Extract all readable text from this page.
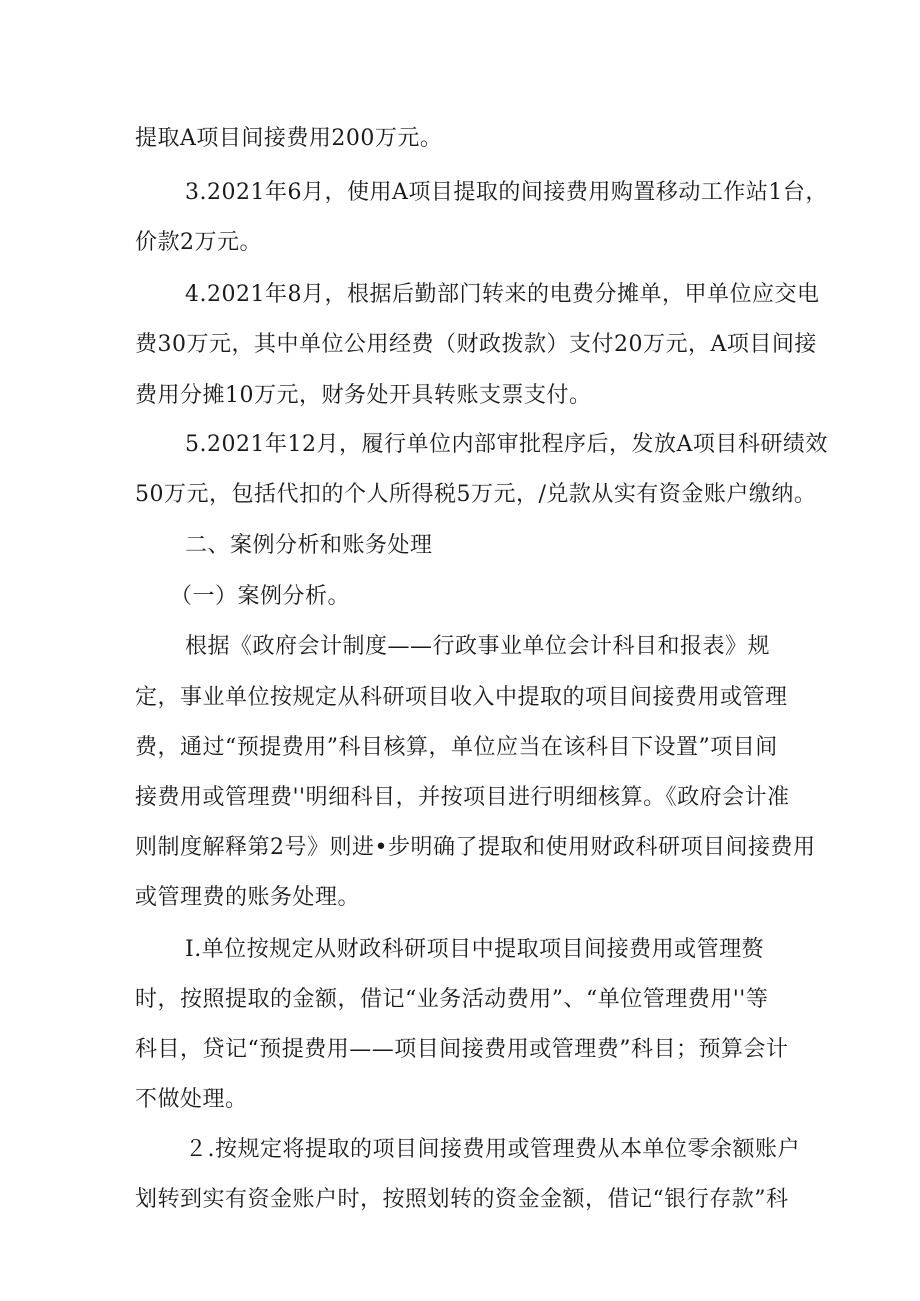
提取A项目间接费用200万元。
3.2021年6月，使用A项目提取的间接费用购置移动工作站1台，
价款2万元。
4.2021年8月，根据后勤部门转来的电费分摊单，甲单位应交电
费30万元，其中单位公用经费（财政拨款）支付20万元，A项目间接
费用分摊10万元，财务处开具转账支票支付。
5.2021年12月，履行单位内部审批程序后，发放A项目科研绩效
50万元，包括代扣的个人所得税5万元，/兑款从实有资金账户缴纳。
二、案例分析和账务处理
（一）案例分析。
根据《政府会计制度——行政事业单位会计科目和报表》规
定，事业单位按规定从科研项目收入中提取的项目间接费用或管理
费，通过“预提费用”科目核算，单位应当在该科目下设置”项目间
接费用或管理费''明细科目，并按项目进行明细核算。《政府会计准
则制度解释第2号》则进•步明确了提取和使用财政科研项目间接费用
或管理费的账务处理。
I.单位按规定从财政科研项目中提取项目间接费用或管理赘
时，按照提取的金额，借记“业务活动费用”、“单位管理费用''等
科目，贷记“预提费用——项目间接费用或管理费”科目；预算会计
不做处理。
２.按规定将提取的项目间接费用或管理费从本单位零余额账户
划转到实有资金账户时，按照划转的资金金额，借记“银行存款”科
